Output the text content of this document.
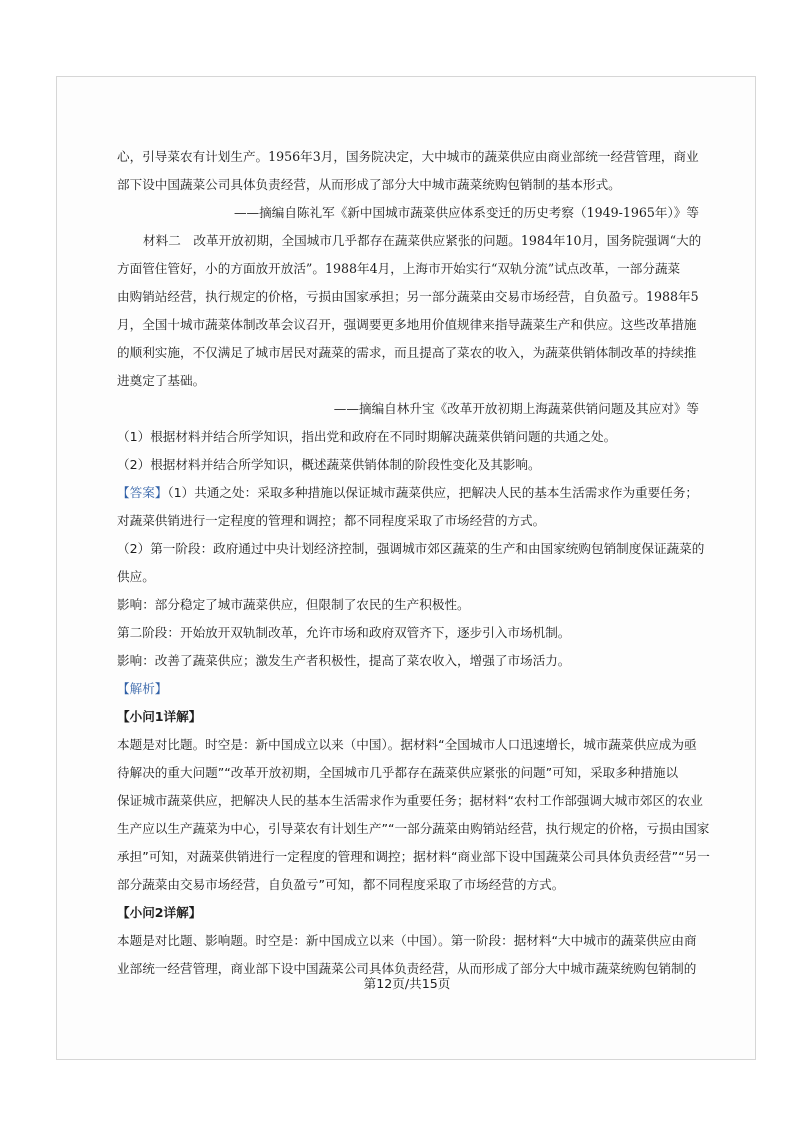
心，引导菜农有计划生产。1956年3月，国务院决定，大中城市的蔬菜供应由商业部统一经营管理，商业
部下设中国蔬菜公司具体负责经营，从而形成了部分大中城市蔬菜统购包销制的基本形式。
——摘编自陈礼军《新中国城市蔬菜供应体系变迁的历史考察（1949-1965年）》等
材料二　改革开放初期，全国城市几乎都存在蔬菜供应紧张的问题。1984年10月，国务院强调“大的
方面管住管好，小的方面放开放活”。1988年4月，上海市开始实行“双轨分流”试点改革，一部分蔬菜
由购销站经营，执行规定的价格，亏损由国家承担；另一部分蔬菜由交易市场经营，自负盈亏。1988年5
月，全国十城市蔬菜体制改革会议召开，强调要更多地用价值规律来指导蔬菜生产和供应。这些改革措施
的顺利实施，不仅满足了城市居民对蔬菜的需求，而且提高了菜农的收入，为蔬菜供销体制改革的持续推
进奠定了基础。
——摘编自林升宝《改革开放初期上海蔬菜供销问题及其应对》等
（1）根据材料并结合所学知识，指出党和政府在不同时期解决蔬菜供销问题的共通之处。
（2）根据材料并结合所学知识，概述蔬菜供销体制的阶段性变化及其影响。
【答案】（1）共通之处：采取多种措施以保证城市蔬菜供应，把解决人民的基本生活需求作为重要任务；
对蔬菜供销进行一定程度的管理和调控；都不同程度采取了市场经营的方式。
（2）第一阶段：政府通过中央计划经济控制，强调城市郊区蔬菜的生产和由国家统购包销制度保证蔬菜的
供应。
影响：部分稳定了城市蔬菜供应，但限制了农民的生产积极性。
第二阶段：开始放开双轨制改革，允许市场和政府双管齐下，逐步引入市场机制。
影响：改善了蔬菜供应；激发生产者积极性，提高了菜农收入，增强了市场活力。
【解析】
【小问1详解】
本题是对比题。时空是：新中国成立以来（中国）。据材料“全国城市人口迅速增长，城市蔬菜供应成为亟
待解决的重大问题”“改革开放初期，全国城市几乎都存在蔬菜供应紧张的问题”可知，采取多种措施以
保证城市蔬菜供应，把解决人民的基本生活需求作为重要任务；据材料“农村工作部强调大城市郊区的农业
生产应以生产蔬菜为中心，引导菜农有计划生产”“一部分蔬菜由购销站经营，执行规定的价格，亏损由国家
承担”可知，对蔬菜供销进行一定程度的管理和调控；据材料“商业部下设中国蔬菜公司具体负责经营”“另一
部分蔬菜由交易市场经营，自负盈亏”可知，都不同程度采取了市场经营的方式。
【小问2详解】
本题是对比题、影响题。时空是：新中国成立以来（中国）。第一阶段：据材料“大中城市的蔬菜供应由商
业部统一经营管理，商业部下设中国蔬菜公司具体负责经营，从而形成了部分大中城市蔬菜统购包销制的
第12页/共15页
